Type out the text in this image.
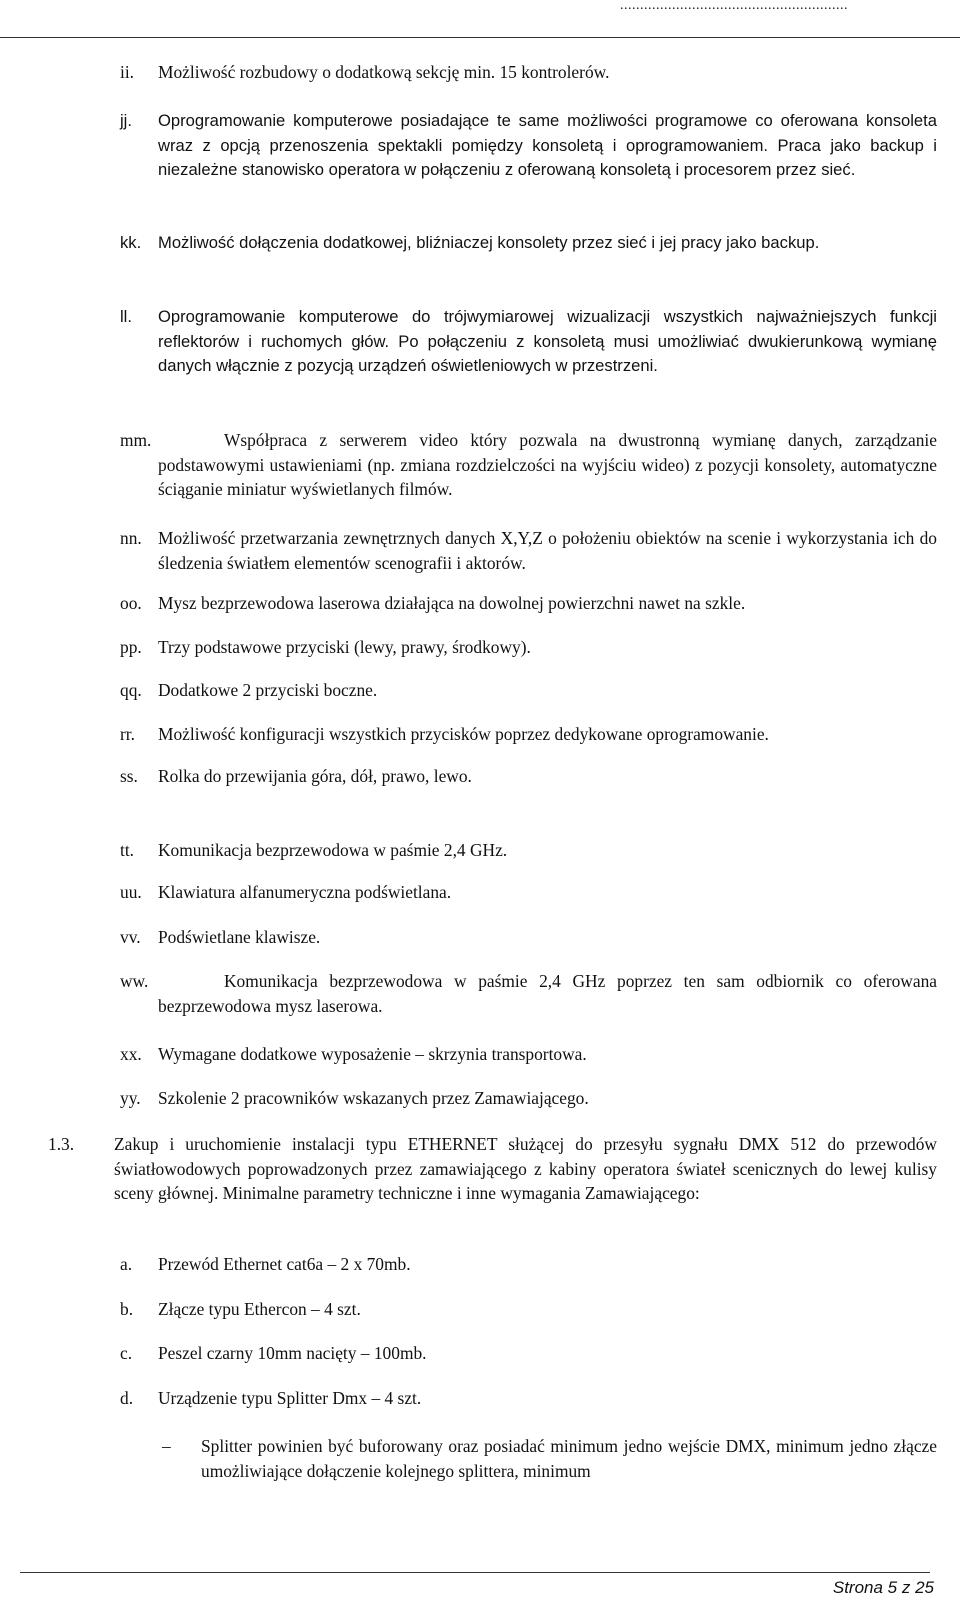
.........................................................
ii. Możliwość rozbudowy o dodatkową sekcję min. 15 kontrolerów.
jj. Oprogramowanie komputerowe posiadające te same możliwości programowe co oferowana konsoleta wraz z opcją przenoszenia spektakli pomiędzy konsoletą i oprogramowaniem. Praca jako backup i niezależne stanowisko operatora w połączeniu z oferowaną konsoletą i procesorem przez sieć.
kk. Możliwość dołączenia dodatkowej, bliźniaczej konsolety przez sieć i jej pracy jako backup.
ll. Oprogramowanie komputerowe do trójwymiarowej wizualizacji wszystkich najważniejszych funkcji reflektorów i ruchomych głów. Po połączeniu z konsoletą musi umożliwiać dwukierunkową wymianę danych włącznie z pozycją urządzeń oświetleniowych w przestrzeni.
mm.	Współpraca z serwerem video który pozwala na dwustronną wymianę danych, zarządzanie podstawowymi ustawieniami (np. zmiana rozdzielczości na wyjściu wideo) z pozycji konsolety, automatyczne ściąganie miniatur wyświetlanych filmów.
nn. Możliwość przetwarzania zewnętrznych danych X,Y,Z o położeniu obiektów na scenie i wykorzystania ich do śledzenia światłem elementów scenografii i aktorów.
oo. Mysz bezprzewodowa laserowa działająca na dowolnej powierzchni nawet na szkle.
pp. Trzy podstawowe przyciski (lewy, prawy, środkowy).
qq. Dodatkowe 2 przyciski boczne.
rr. Możliwość konfiguracji wszystkich przycisków poprzez dedykowane oprogramowanie.
ss. Rolka do przewijania góra, dół, prawo, lewo.
tt. Komunikacja bezprzewodowa w paśmie 2,4 GHz.
uu. Klawiatura alfanumeryczna podświetlana.
vv. Podświetlane klawisze.
ww.	Komunikacja bezprzewodowa w paśmie 2,4 GHz poprzez ten sam odbiornik co oferowana bezprzewodowa mysz laserowa.
xx. Wymagane dodatkowe wyposażenie – skrzynia transportowa.
yy. Szkolenie 2 pracowników wskazanych przez Zamawiającego.
1.3. Zakup i uruchomienie instalacji typu ETHERNET służącej do przesyłu sygnału DMX 512 do przewodów światłowodowych poprowadzonych przez zamawiającego z kabiny operatora świateł scenicznych do lewej kulisy sceny głównej. Minimalne parametry techniczne i inne wymagania Zamawiającego:
a. Przewód Ethernet cat6a – 2 x 70mb.
b. Złącze typu Ethercon – 4 szt.
c. Peszel czarny 10mm nacięty – 100mb.
d. Urządzenie typu Splitter Dmx – 4 szt.
– Splitter powinien być buforowany oraz posiadać minimum jedno wejście DMX, minimum jedno złącze umożliwiające dołączenie kolejnego splittera, minimum
Strona 5 z 25
